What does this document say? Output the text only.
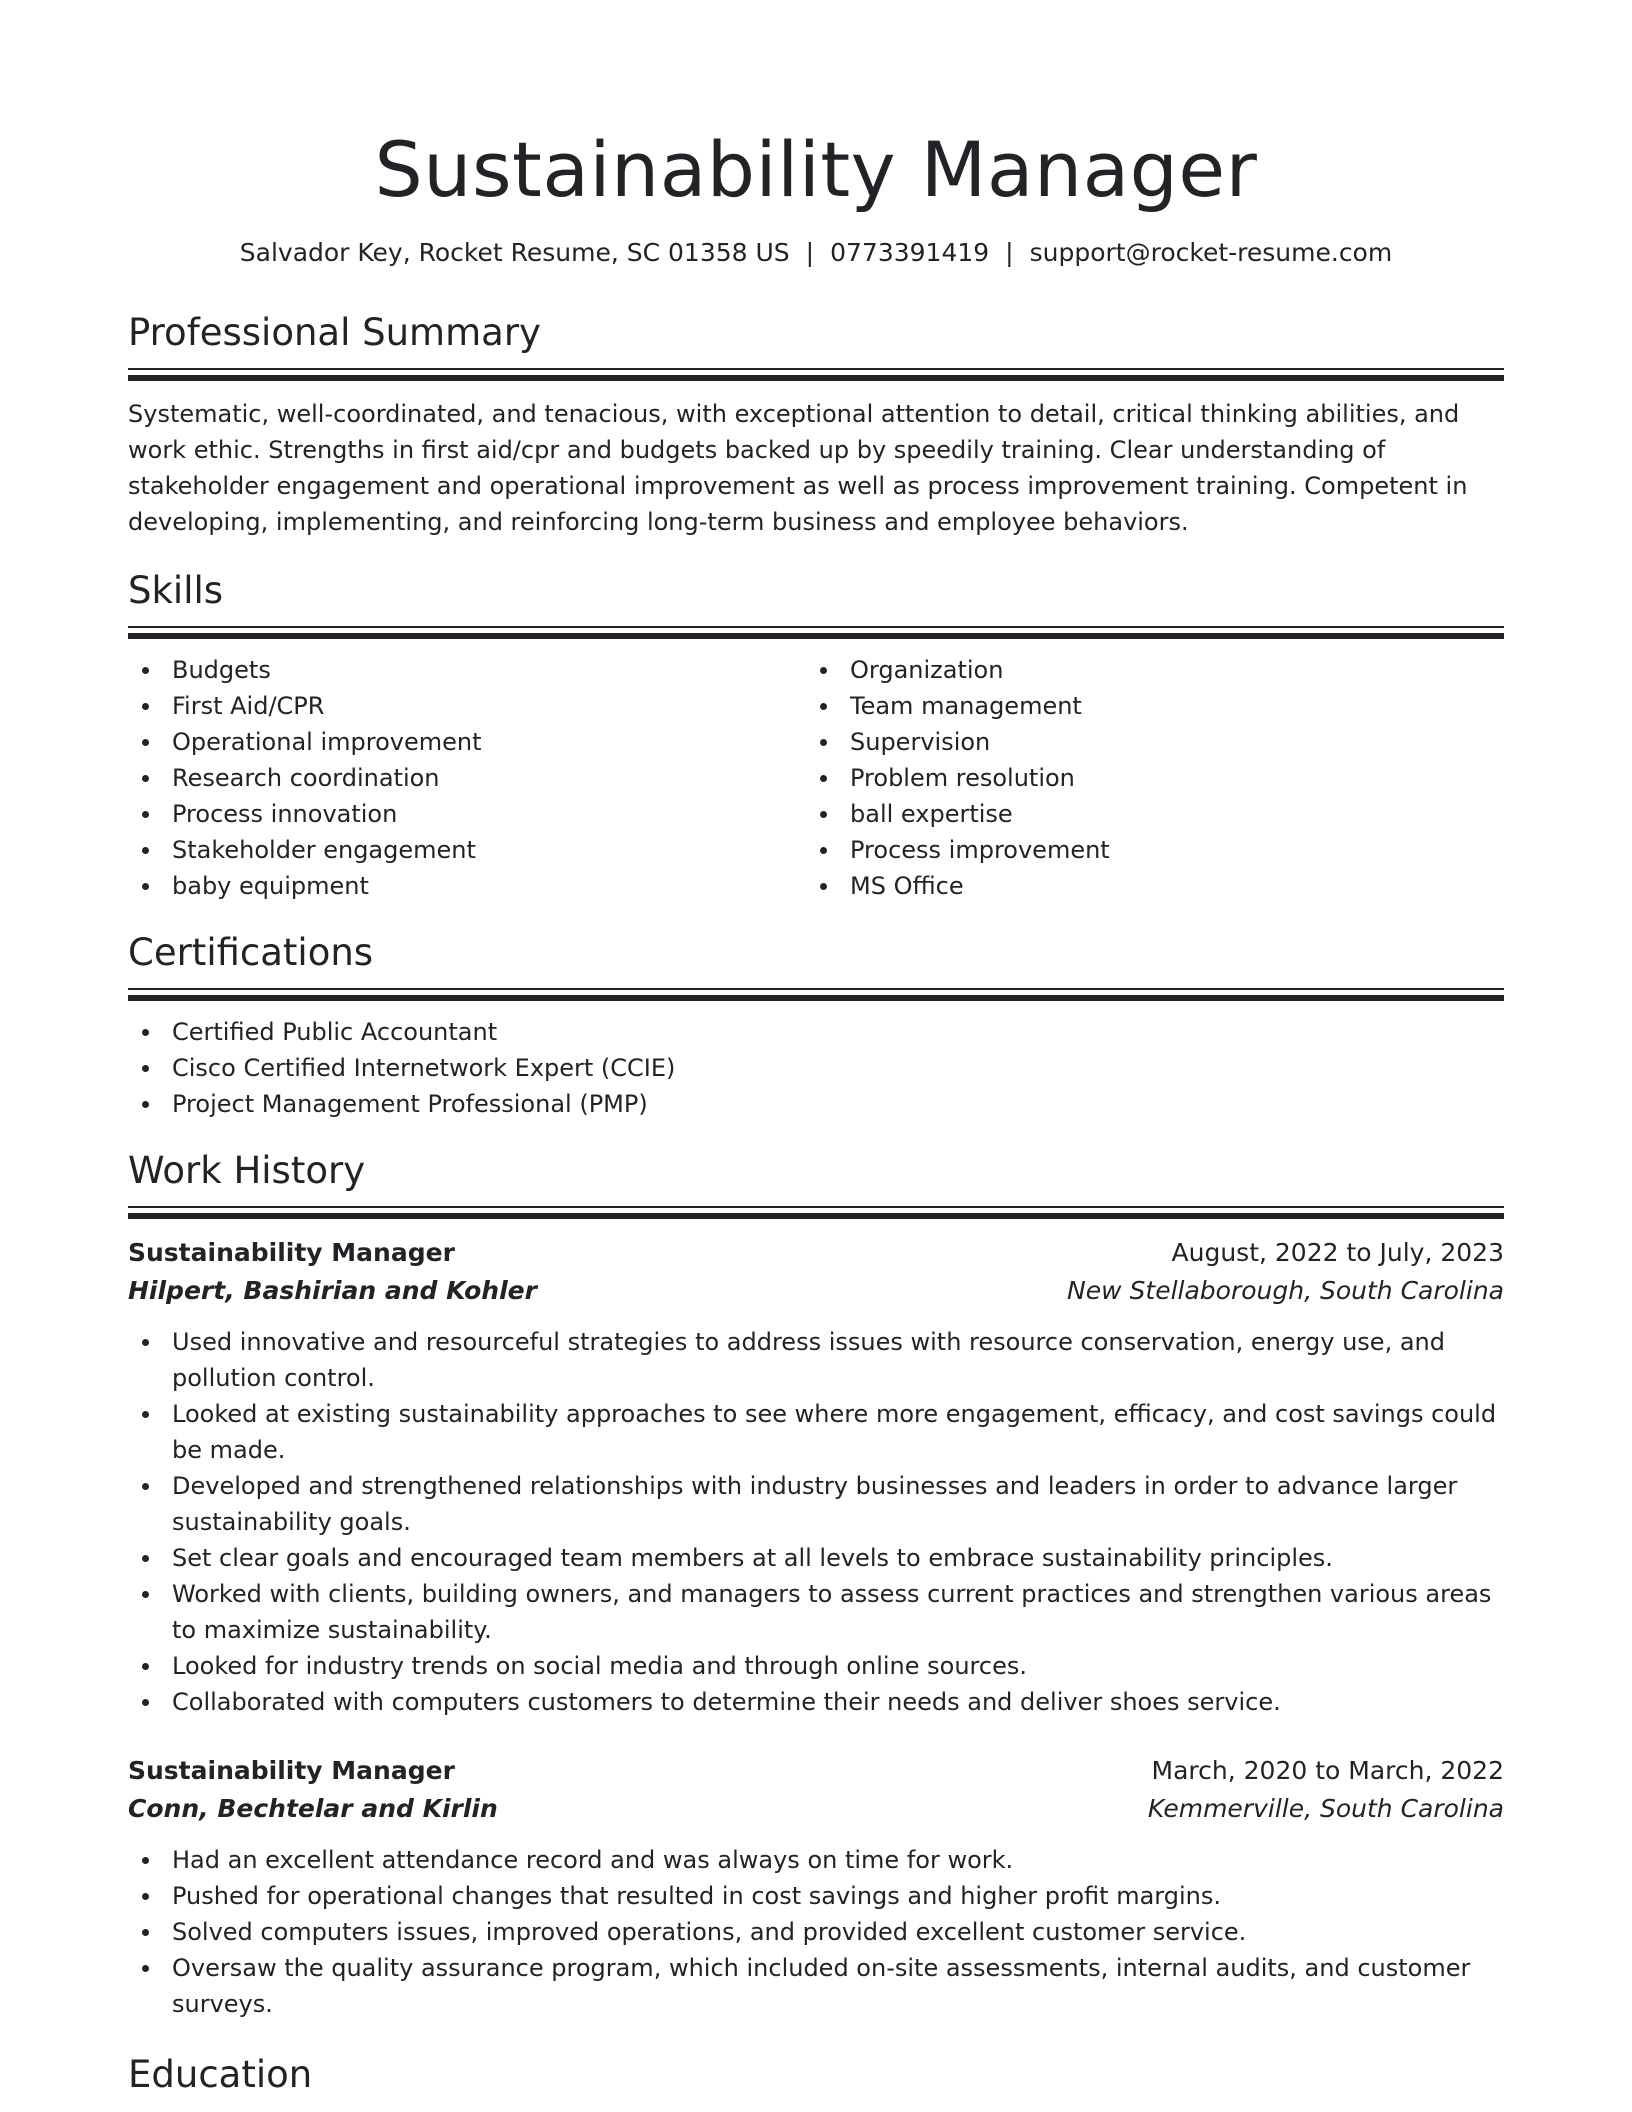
Sustainability Manager
Salvador Key, Rocket Resume, SC 01358 US | 0773391419 | support@rocket-resume.com
Professional Summary
Systematic, well-coordinated, and tenacious, with exceptional attention to detail, critical thinking abilities, and work ethic. Strengths in first aid/cpr and budgets backed up by speedily training. Clear understanding of stakeholder engagement and operational improvement as well as process improvement training. Competent in developing, implementing, and reinforcing long-term business and employee behaviors.
Skills
Budgets
First Aid/CPR
Operational improvement
Research coordination
Process innovation
Stakeholder engagement
baby equipment
Organization
Team management
Supervision
Problem resolution
ball expertise
Process improvement
MS Office
Certifications
Certified Public Accountant
Cisco Certified Internetwork Expert (CCIE)
Project Management Professional (PMP)
Work History
Sustainability Manager	August, 2022 to July, 2023
Hilpert, Bashirian and Kohler	New Stellaborough, South Carolina
Used innovative and resourceful strategies to address issues with resource conservation, energy use, and pollution control.
Looked at existing sustainability approaches to see where more engagement, efficacy, and cost savings could be made.
Developed and strengthened relationships with industry businesses and leaders in order to advance larger sustainability goals.
Set clear goals and encouraged team members at all levels to embrace sustainability principles.
Worked with clients, building owners, and managers to assess current practices and strengthen various areas to maximize sustainability.
Looked for industry trends on social media and through online sources.
Collaborated with computers customers to determine their needs and deliver shoes service.
Sustainability Manager	March, 2020 to March, 2022
Conn, Bechtelar and Kirlin	Kemmerville, South Carolina
Had an excellent attendance record and was always on time for work.
Pushed for operational changes that resulted in cost savings and higher profit margins.
Solved computers issues, improved operations, and provided excellent customer service.
Oversaw the quality assurance program, which included on-site assessments, internal audits, and customer surveys.
Education
